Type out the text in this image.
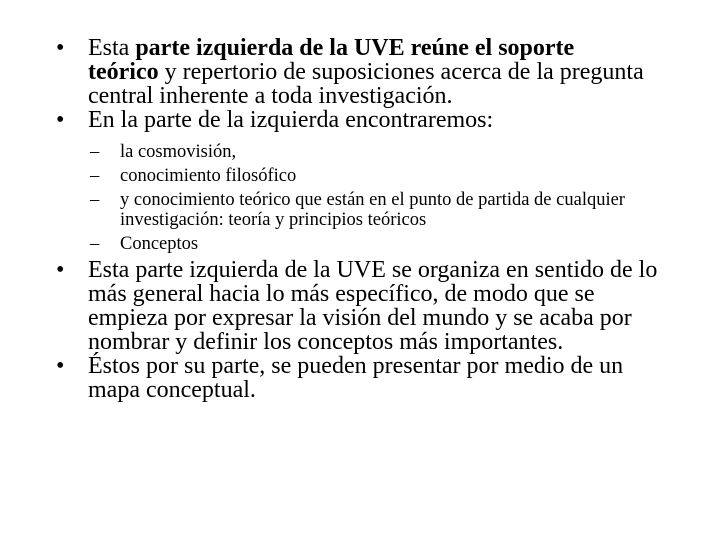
• Esta parte izquierda de la UVE reúne el soporte
teórico y repertorio de suposiciones acerca de la pregunta central inherente a toda investigación.
• En la parte de la izquierda encontraremos:
– la cosmovisión,
– conocimiento filosófico
– y conocimiento teórico que están en el punto de partida de cualquier investigación: teoría y principios teóricos
– Conceptos
• Esta parte izquierda de la UVE se organiza en sentido de lo más general hacia lo más específico, de modo que se empieza por expresar la visión del mundo y se acaba por nombrar y definir los conceptos más importantes.
• Éstos por su parte, se pueden presentar por medio de un mapa conceptual.
